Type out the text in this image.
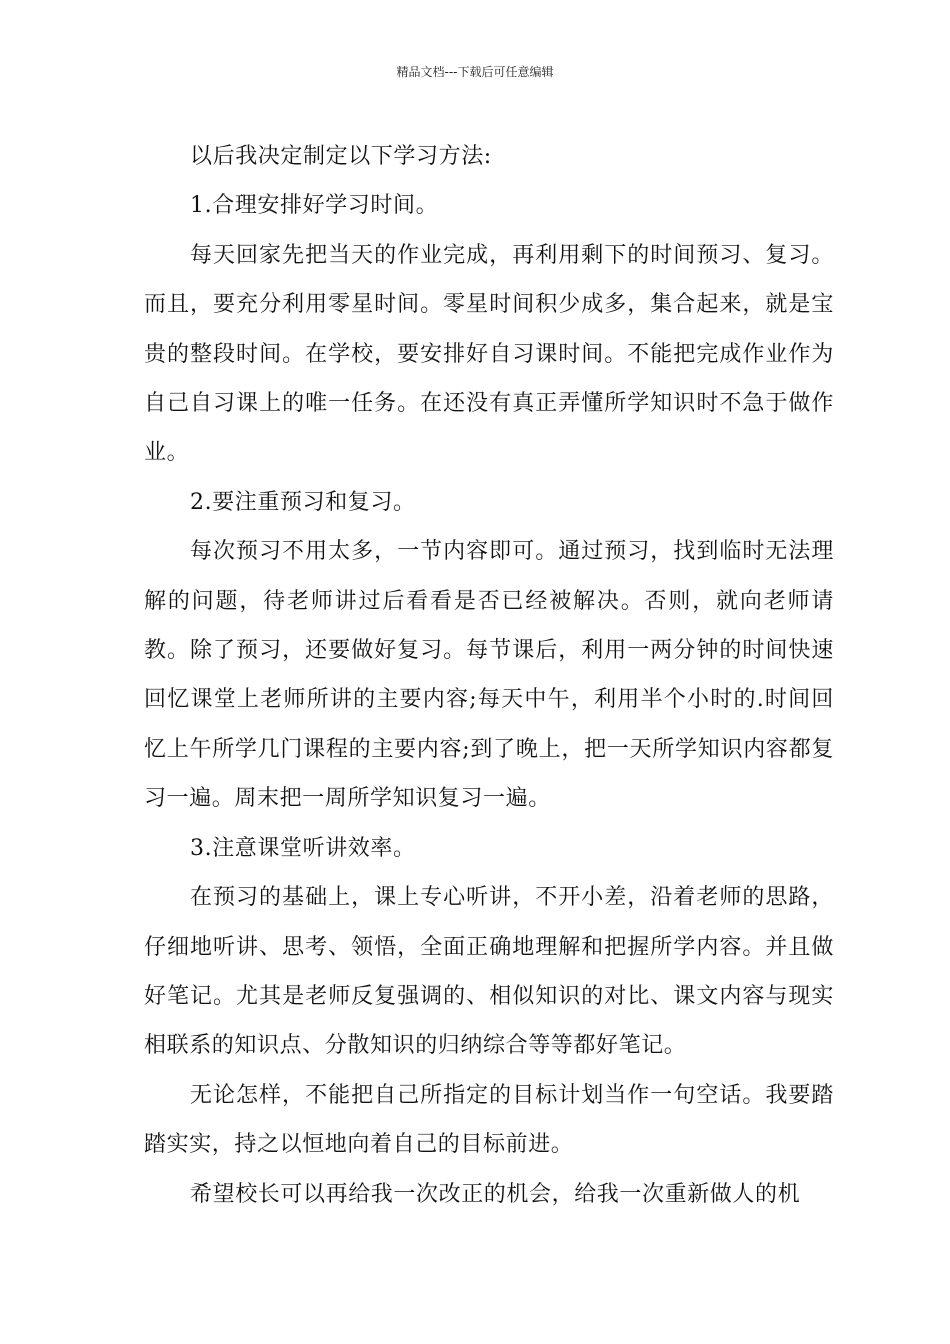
精品文档---下载后可任意编辑

以后我决定制定以下学习方法:

1.合理安排好学习时间。

每天回家先把当天的作业完成，再利用剩下的时间预习、复习。而且，要充分利用零星时间。零星时间积少成多，集合起来，就是宝贵的整段时间。在学校，要安排好自习课时间。不能把完成作业作为自己自习课上的唯一任务。在还没有真正弄懂所学知识时不急于做作业。

2.要注重预习和复习。

每次预习不用太多，一节内容即可。通过预习，找到临时无法理解的问题，待老师讲过后看看是否已经被解决。否则，就向老师请教。除了预习，还要做好复习。每节课后，利用一两分钟的时间快速回忆课堂上老师所讲的主要内容;每天中午，利用半个小时的.时间回忆上午所学几门课程的主要内容;到了晚上，把一天所学知识内容都复习一遍。周末把一周所学知识复习一遍。

3.注意课堂听讲效率。

在预习的基础上，课上专心听讲，不开小差，沿着老师的思路，仔细地听讲、思考、领悟，全面正确地理解和把握所学内容。并且做好笔记。尤其是老师反复强调的、相似知识的对比、课文内容与现实相联系的知识点、分散知识的归纳综合等等都好笔记。

无论怎样，不能把自己所指定的目标计划当作一句空话。我要踏踏实实，持之以恒地向着自己的目标前进。

希望校长可以再给我一次改正的机会，给我一次重新做人的机
